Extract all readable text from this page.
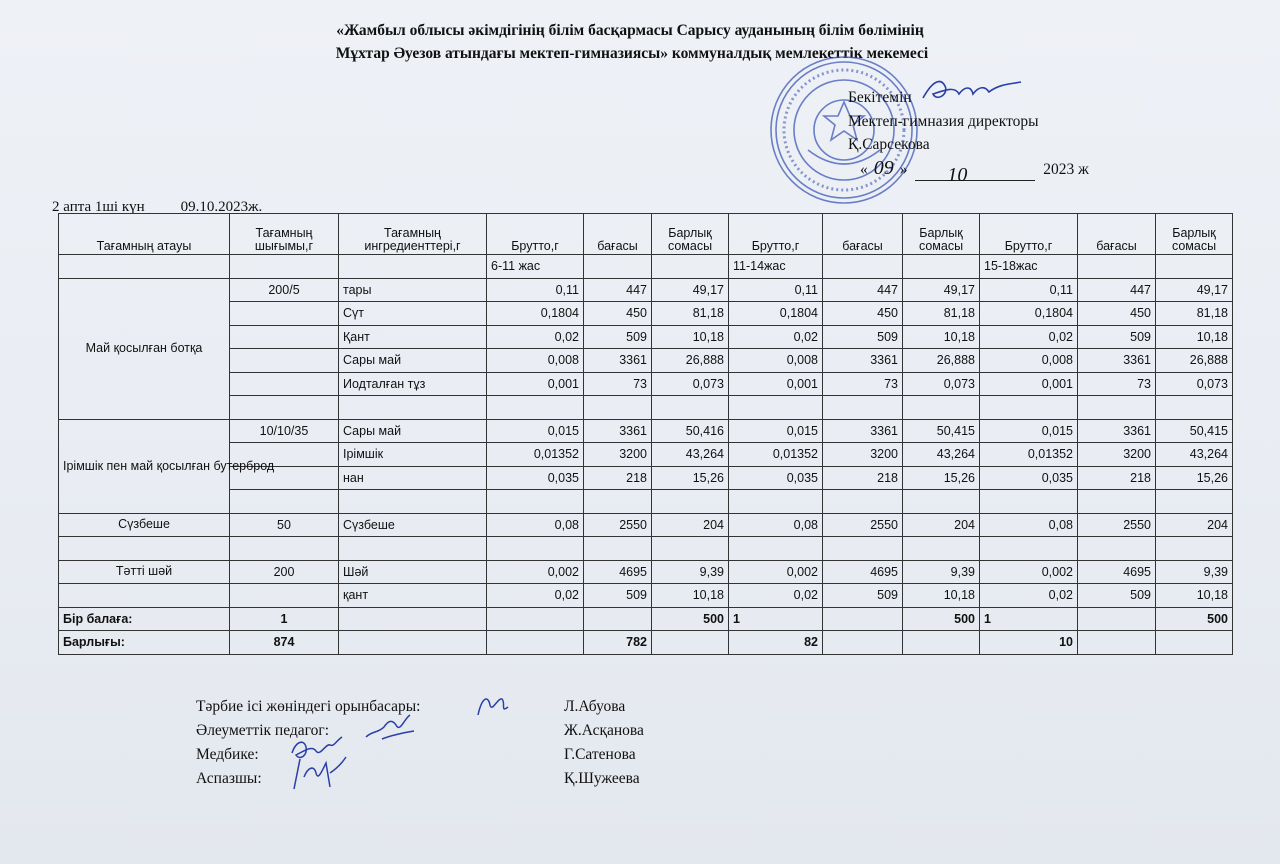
«Жамбыл облысы әкімдігінің білім басқармасы Сарысу ауданының білім бөлімінің
Мұхтар Әуезов атындағы мектеп-гимназиясы» коммуналдық мемлекеттік мекемесі
Бекітемін
Мектеп-гимназия директоры
Қ.Сарсекова
« 09 » 10	2023 ж
2 апта 1ші күн 09.10.2023ж.
Тағамның атауы	Тағамның шығымы,г	Тағамның ингредиенттері,г	Брутто,г	бағасы	Барлық сомасы	Брутто,г	бағасы	Барлық сомасы	Брутто,г	бағасы	Барлық сомасы
			6-11 жас			11-14жас			15-18жас		
Май қосылған ботқа	200/5	тары	0,11	447	49,17	0,11	447	49,17	0,11	447	49,17
		Сүт	0,1804	450	81,18	0,1804	450	81,18	0,1804	450	81,18
		Қант	0,02	509	10,18	0,02	509	10,18	0,02	509	10,18
		Сары май	0,008	3361	26,888	0,008	3361	26,888	0,008	3361	26,888
		Иодталған тұз	0,001	73	0,073	0,001	73	0,073	0,001	73	0,073

Ірімшік пен май қосылған бутерброд	10/10/35	Сары май	0,015	3361	50,416	0,015	3361	50,415	0,015	3361	50,415
		Ірімшік	0,01352	3200	43,264	0,01352	3200	43,264	0,01352	3200	43,264
		нан	0,035	218	15,26	0,035	218	15,26	0,035	218	15,26

Сүзбеше	50	Сүзбеше	0,08	2550	204	0,08	2550	204	0,08	2550	204

Тәтті шәй	200	Шәй	0,002	4695	9,39	0,002	4695	9,39	0,002	4695	9,39
		қант	0,02	509	10,18	0,02	509	10,18	0,02	509	10,18
Бір балаға:	1				500	1		500	1		500
Барлығы:	874			782		82			10		
Тәрбие ісі жөніндегі орынбасары:	Л.Абуова
Әлеуметтік педагог:	Ж.Асқанова
Медбике:	Г.Сатенова
Аспазшы:	Қ.Шужеева
